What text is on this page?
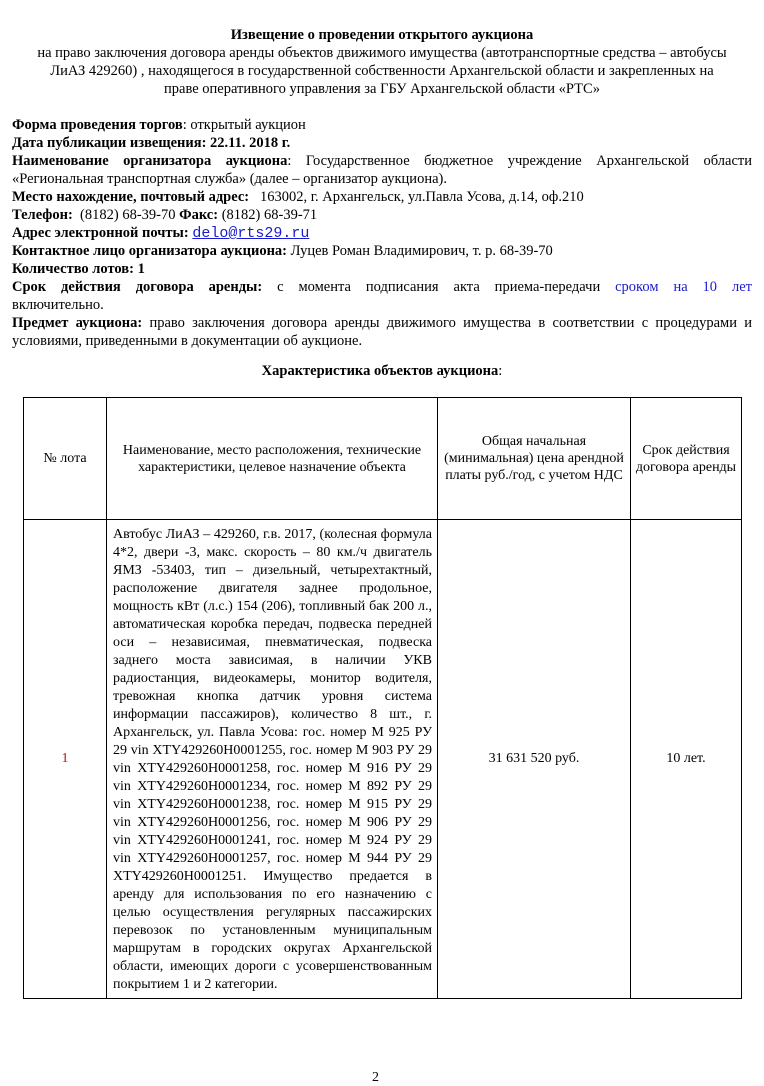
Извещение о проведении открытого аукциона
на право заключения договора аренды объектов движимого имущества (автотранспортные средства – автобусы
ЛиАЗ 429260) , находящегося в государственной собственности Архангельской области и закрепленных на
праве оперативного управления за ГБУ Архангельской области «РТС»
Форма проведения торгов: открытый аукцион
Дата публикации извещения: 22.11. 2018 г.
Наименование организатора аукциона: Государственное бюджетное учреждение Архангельской области
«Региональная транспортная служба» (далее – организатор аукциона).
Место нахождение, почтовый адрес: 163002, г. Архангельск, ул.Павла Усова, д.14, оф.210
Телефон: (8182) 68-39-70 Факс: (8182) 68-39-71
Адрес электронной почты: delo@rts29.ru
Контактное лицо организатора аукциона: Луцев Роман Владимирович, т. р. 68-39-70
Количество лотов: 1
Срок действия договора аренды: с момента подписания акта приема-передачи сроком на 10 лет
включительно.
Предмет аукциона: право заключения договора аренды движимого имущества в соответствии с процедурами и
условиями, приведенными в документации об аукционе.
Характеристика объектов аукциона:
№ лота	Наименование, место расположения, технические характеристики, целевое назначение объекта	Общая начальная (минимальная) цена арендной платы руб./год, с учетом НДС	Срок действия договора аренды
1	Автобус ЛиАЗ – 429260, г.в. 2017, (колесная формула 4*2, двери -3, макс. скорость – 80 км./ч двигатель ЯМЗ -53403, тип – дизельный, четырехтактный, расположение двигателя заднее продольное, мощность кВт (л.с.) 154 (206), топливный бак 200 л., автоматическая коробка передач, подвеска передней оси – независимая, пневматическая, подвеска заднего моста зависимая, в наличии УКВ радиостанция, видеокамеры, монитор водителя, тревожная кнопка датчик уровня система информации пассажиров), количество 8 шт., г. Архангельск, ул. Павла Усова: гос. номер М 925 РУ 29 vin XTY429260H0001255, гос. номер М 903 РУ 29 vin XTY429260H0001258, гос. номер М 916 РУ 29 vin XTY429260H0001234, гос. номер М 892 РУ 29 vin XTY429260H0001238, гос. номер М 915 РУ 29 vin XTY429260H0001256, гос. номер М 906 РУ 29 vin XTY429260H0001241, гос. номер М 924 РУ 29 vin XTY429260H0001257, гос. номер М 944 РУ 29 XTY429260H0001251. Имущество предается в аренду для использования по его назначению с целью осуществления регулярных пассажирских перевозок по установленным муниципальным маршрутам в городских округах Архангельской области, имеющих дороги с усовершенствованным покрытием 1 и 2 категории.	31 631 520 руб.	10 лет.
2
